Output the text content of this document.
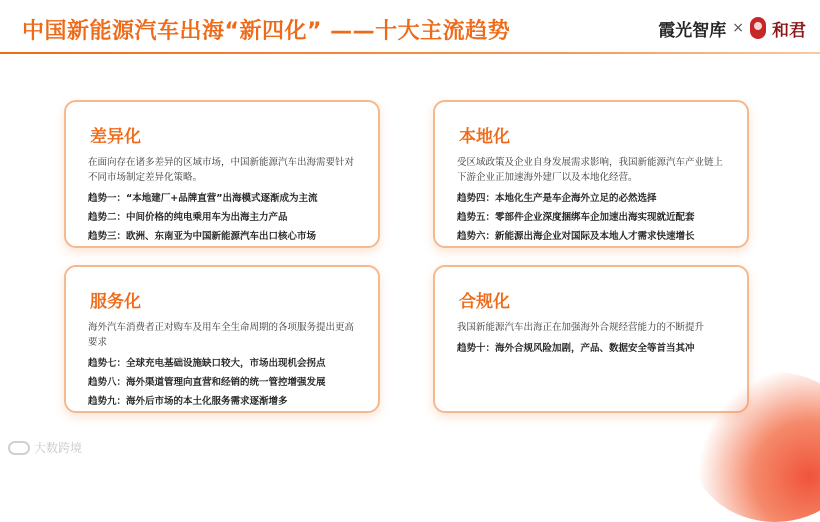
中国新能源汽车出海“新四化” ——十大主流趋势	霞光智库 × 和君
差异化

在面向存在诸多差异的区域市场，中国新能源汽车出海需要针对不同市场制定差异化策略。

趋势一：“本地建厂+品牌直营”出海模式逐渐成为主流
趋势二：中间价格的纯电乘用车为出海主力产品
趋势三：欧洲、东南亚为中国新能源汽车出口核心市场
本地化

受区域政策及企业自身发展需求影响，我国新能源汽车产业链上下游企业正加速海外建厂以及本地化经营。

趋势四：本地化生产是车企海外立足的必然选择
趋势五：零部件企业深度捆绑车企加速出海实现就近配套
趋势六：新能源出海企业对国际及本地人才需求快速增长
服务化

海外汽车消费者正对购车及用车全生命周期的各项服务提出更高要求

趋势七：全球充电基础设施缺口较大，市场出现机会拐点
趋势八：海外渠道管理向直营和经销的统一管控增强发展
趋势九：海外后市场的本土化服务需求逐渐增多
合规化

我国新能源汽车出海正在加强海外合规经营能力的不断提升

趋势十：海外合规风险加剧，产品、数据安全等首当其冲
大数跨境
